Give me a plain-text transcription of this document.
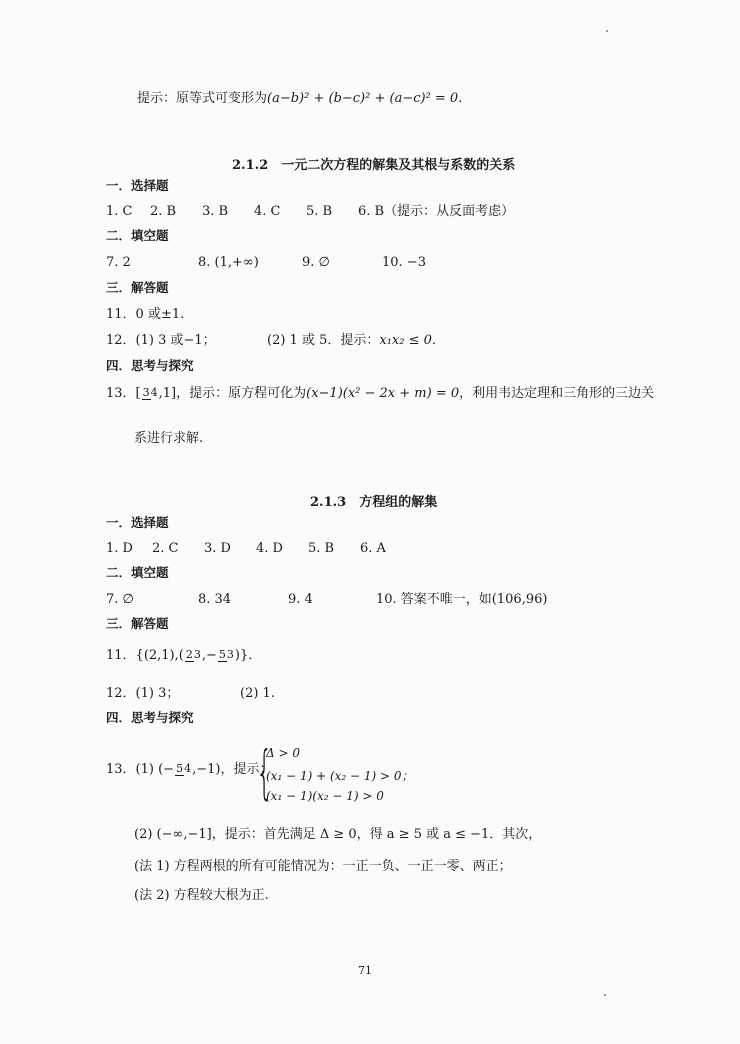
提示：原等式可变形为(a−b)² + (b−c)² + (a−c)² = 0.
2.1.2　一元二次方程的解集及其根与系数的关系
一．选择题
1. C 2. B 3. B 4. C 5. B 6. B（提示：从反面考虑）
二．填空题
7. 2	8. (1,+∞)	9. ∅	10. −3
三．解答题
11．0 或±1.
12．(1) 3 或−1；	(2) 1 或 5．提示：x₁x₂ ≤ 0．
四．思考与探究
13．[ 34,1]，提示：原方程可化为(x−1)(x² − 2x + m) = 0，利用韦达定理和三角形的三边关
系进行求解.
2.1.3　方程组的解集
一．选择题
1. D 2. C 3. D 4. D 5. B 6. A
二．填空题
7. ∅	8. 34	9. 4	10. 答案不唯一，如(106,96)
三．解答题
11．{(2,1),( 23,− 53)}．
12．(1) 3；	(2) 1.
四．思考与探究
13．(1) (− 54,−1)，提示：
{
Δ > 0
(x₁ − 1) + (x₂ − 1) > 0；
(x₁ − 1)(x₂ − 1) > 0
(2) (−∞,−1]，提示：首先满足 Δ ≥ 0，得 a ≥ 5 或 a ≤ −1．其次，
(法 1) 方程两根的所有可能情况为：一正一负、一正一零、两正；
(法 2) 方程较大根为正.
71
